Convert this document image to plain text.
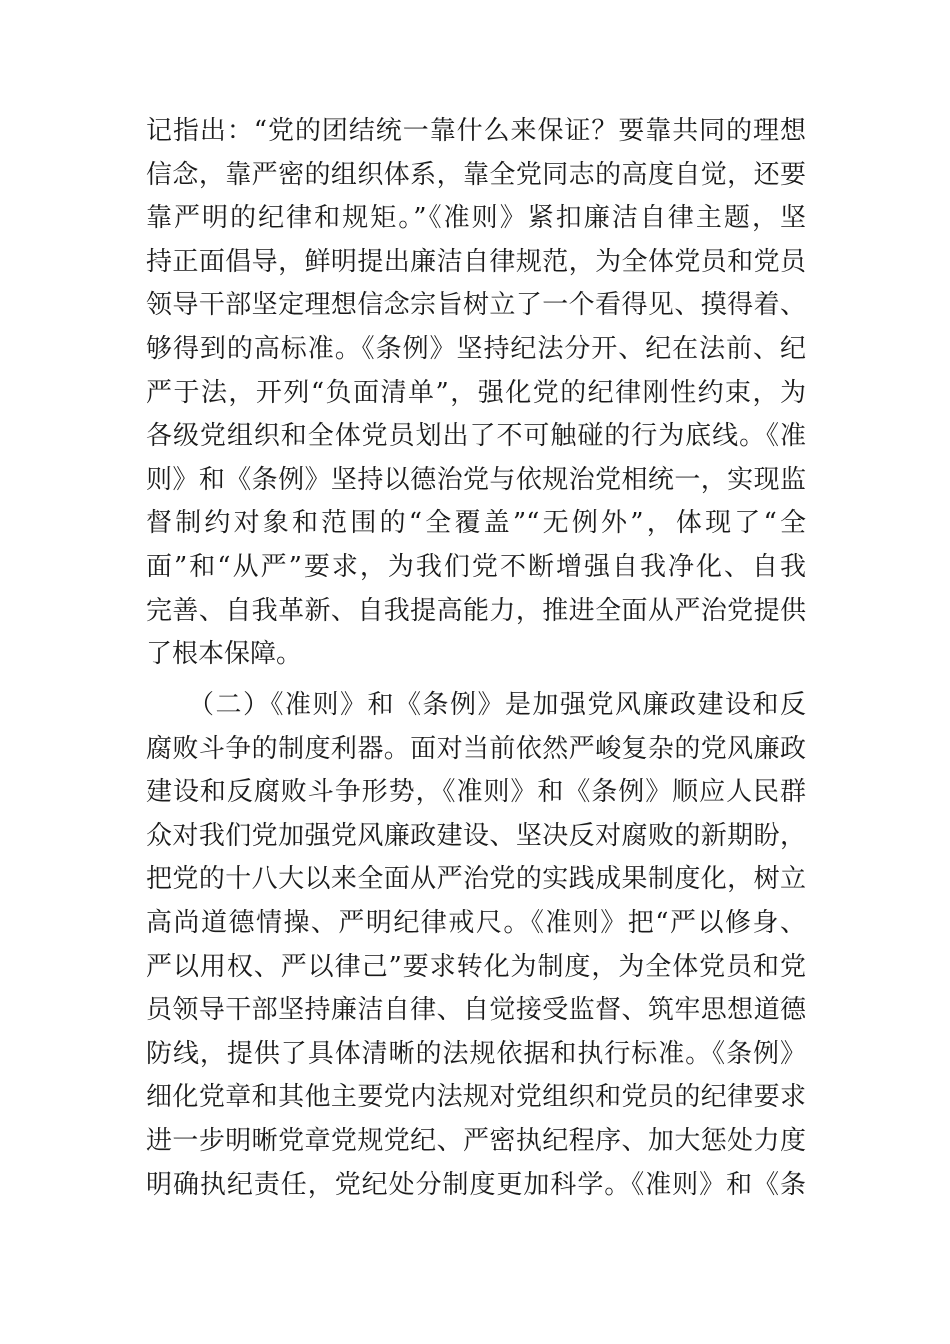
记指出：“党的团结统一靠什么来保证？要靠共同的理想
信念，靠严密的组织体系，靠全党同志的高度自觉，还要
靠严明的纪律和规矩。”《准则》紧扣廉洁自律主题，坚
持正面倡导，鲜明提出廉洁自律规范，为全体党员和党员
领导干部坚定理想信念宗旨树立了一个看得见、摸得着、
够得到的高标准。《条例》坚持纪法分开、纪在法前、纪
严于法，开列“负面清单”，强化党的纪律刚性约束，为
各级党组织和全体党员划出了不可触碰的行为底线。《准
则》和《条例》坚持以德治党与依规治党相统一，实现监
督制约对象和范围的“全覆盖”“无例外”，体现了“全
面”和“从严”要求，为我们党不断增强自我净化、自我
完善、自我革新、自我提高能力，推进全面从严治党提供
了根本保障。
　　（二）《准则》和《条例》是加强党风廉政建设和反
腐败斗争的制度利器。面对当前依然严峻复杂的党风廉政
建设和反腐败斗争形势，《准则》和《条例》顺应人民群
众对我们党加强党风廉政建设、坚决反对腐败的新期盼，
把党的十八大以来全面从严治党的实践成果制度化，树立
高尚道德情操、严明纪律戒尺。《准则》把“严以修身、
严以用权、严以律己”要求转化为制度，为全体党员和党
员领导干部坚持廉洁自律、自觉接受监督、筑牢思想道德
防线，提供了具体清晰的法规依据和执行标准。《条例》
细化党章和其他主要党内法规对党组织和党员的纪律要求
进一步明晰党章党规党纪、严密执纪程序、加大惩处力度
明确执纪责任，党纪处分制度更加科学。《准则》和《条
